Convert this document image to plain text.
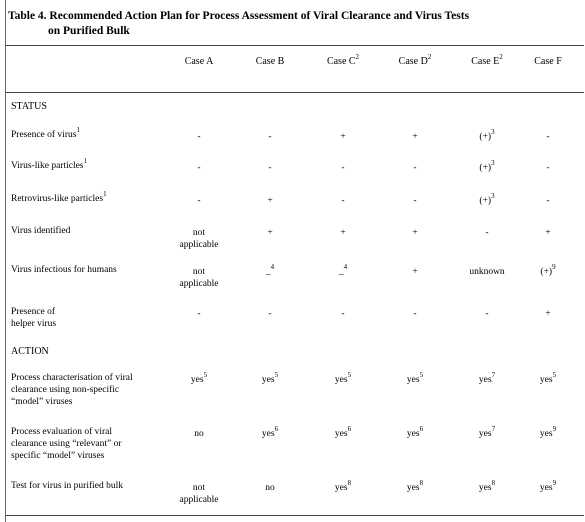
Table 4. Recommended Action Plan for Process Assessment of Viral Clearance and Virus Tests
on Purified Bulk
Case A	Case B	Case $C^2$	Case $D^2$	Case $E^2$	Case F
STATUS
ACTION
Presence of virus$^1$
-	-	+	+	$(+)^3$	-
Virus-like particles$^1$
-	-	-	-	$(+)^3$	-
Retrovirus-like particles$^1$
-	+	-	-	$(+)^3$	-
Virus identified	not
applicable
+	+	+	-	+
Virus infectious for humans	not
applicable
_$^4$	_$^4$	+	unknown	$(+)^9$
Presence of
helper virus
-	-	-	-	-	+
Process characterisation of viral
clearance using non-specific
“model” viruses
yes$^5$	yes$^5$	yes$^5$	yes$^5$	yes$^7$	yes$^5$
Process evaluation of viral
clearance using “relevant” or
specific “model” viruses
no	yes$^6$	yes$^6$	yes$^6$	yes$^7$	yes$^9$
Test for virus in purified bulk	not
applicable
no	yes$^8$	yes$^8$	yes$^8$	yes$^9$
